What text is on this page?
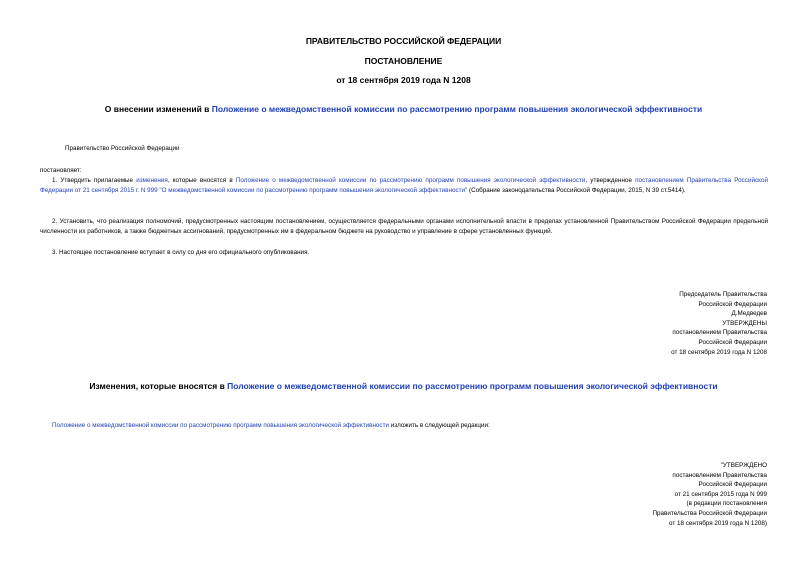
ПРАВИТЕЛЬСТВО РОССИЙСКОЙ ФЕДЕРАЦИИ
ПОСТАНОВЛЕНИЕ
от 18 сентября 2019 года N 1208
О внесении изменений в Положение о межведомственной комиссии по рассмотрению программ повышения экологической эффективности
Правительство Российской Федерации
постановляет:
1. Утвердить прилагаемые изменения, которые вносятся в Положение о межведомственной комиссии по рассмотрению программ повышения экологической эффективности, утвержденное постановлением Правительства Российской Федерации от 21 сентября 2015 г. N 999 "О межведомственной комиссии по рассмотрению программ повышения экологической эффективности" (Собрание законодательства Российской Федерации, 2015, N 39 ст.5414).
2. Установить, что реализация полномочий, предусмотренных настоящим постановлением, осуществляется федеральными органами исполнительной власти в пределах установленной Правительством Российской Федерации предельной численности их работников, а также бюджетных ассигнований, предусмотренных им в федеральном бюджете на руководство и управление в сфере установленных функций.
3. Настоящее постановление вступает в силу со дня его официального опубликования.
Председатель Правительства
Российской Федерации
Д.Медведев
УТВЕРЖДЕНЫ
постановлением Правительства
Российской Федерации
от 18 сентября 2019 года N 1208
Изменения, которые вносятся в Положение о межведомственной комиссии по рассмотрению программ повышения экологической эффективности
Положение о межведомственной комиссии по рассмотрению программ повышения экологической эффективности изложить в следующей редакции:
"УТВЕРЖДЕНО
постановлением Правительства
Российской Федерации
от 21 сентября 2015 года N 999
(в редакции постановления
Правительства Российской Федерации
от 18 сентября 2019 года N 1208)
